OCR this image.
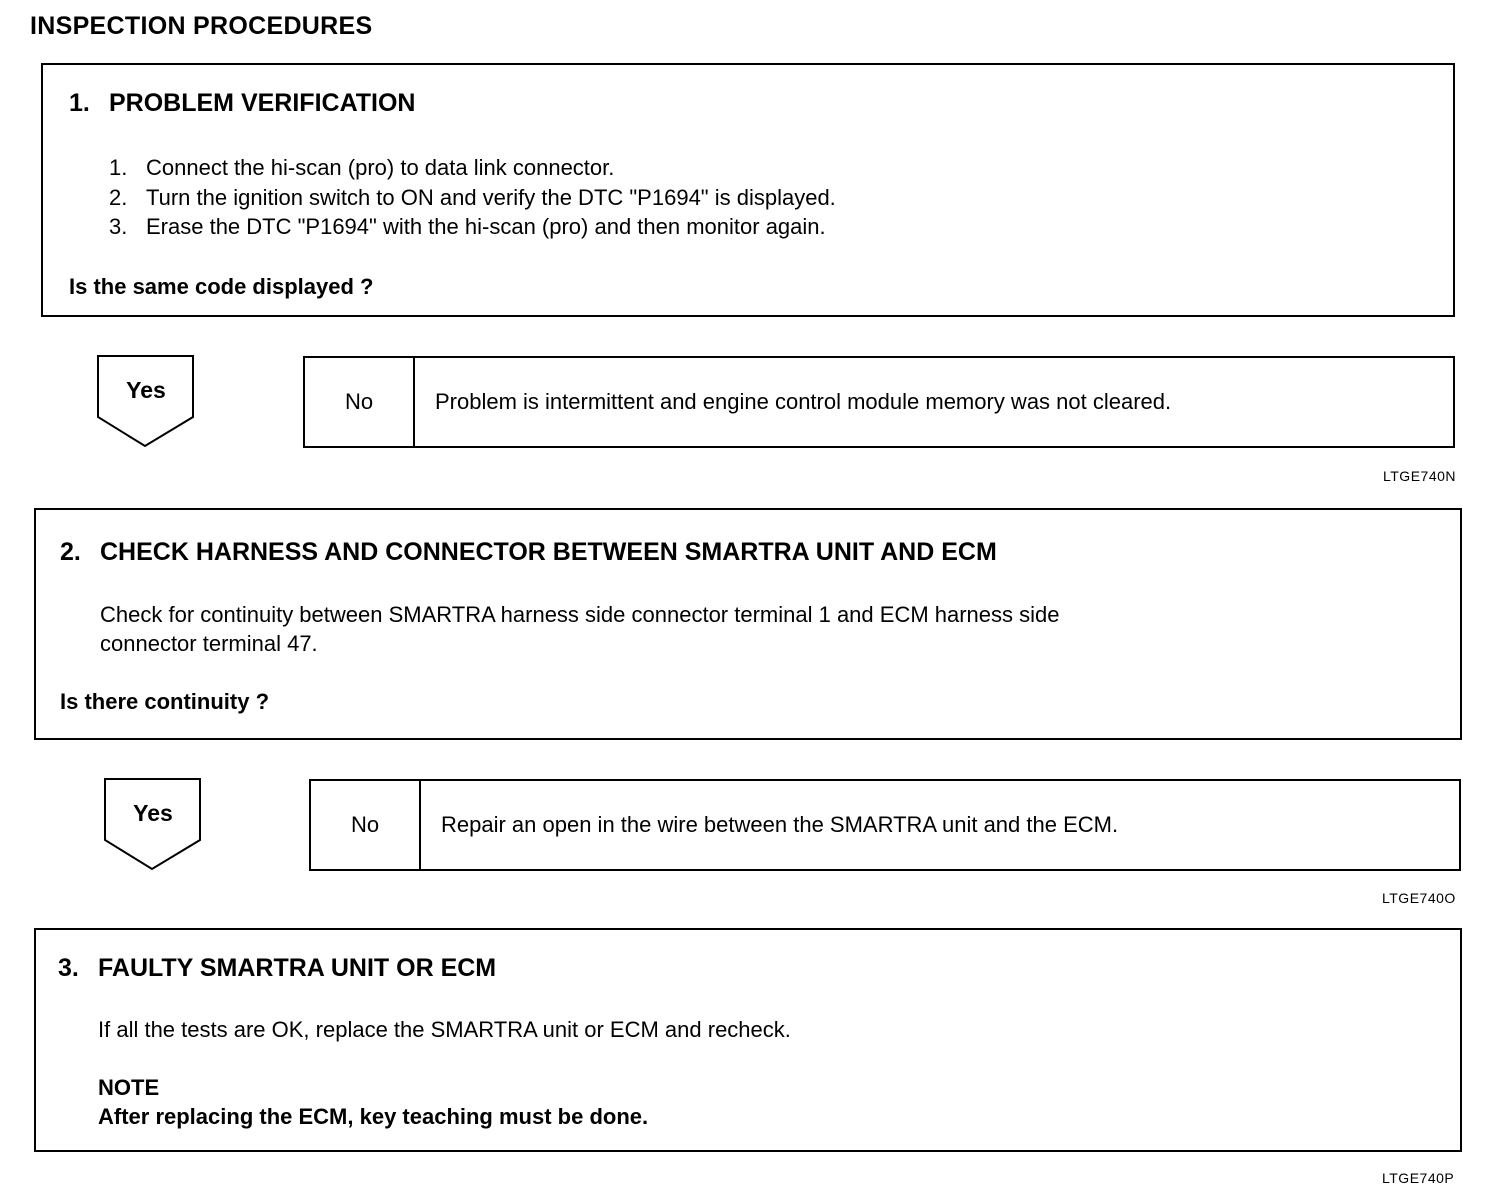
INSPECTION PROCEDURES
1. PROBLEM VERIFICATION
1. Connect the hi-scan (pro) to data link connector.
2. Turn the ignition switch to ON and verify the DTC "P1694" is displayed.
3. Erase the DTC "P1694" with the hi-scan (pro) and then monitor again.
Is the same code displayed ?
Yes	No	Problem is intermittent and engine control module memory was not cleared.
LTGE740N
2. CHECK HARNESS AND CONNECTOR BETWEEN SMARTRA UNIT AND ECM
Check for continuity between SMARTRA harness side connector terminal 1 and ECM harness side
connector terminal 47.
Is there continuity ?
Yes	No	Repair an open in the wire between the SMARTRA unit and the ECM.
LTGE740O
3. FAULTY SMARTRA UNIT OR ECM
If all the tests are OK, replace the SMARTRA unit or ECM and recheck.
NOTE
After replacing the ECM, key teaching must be done.
LTGE740P
